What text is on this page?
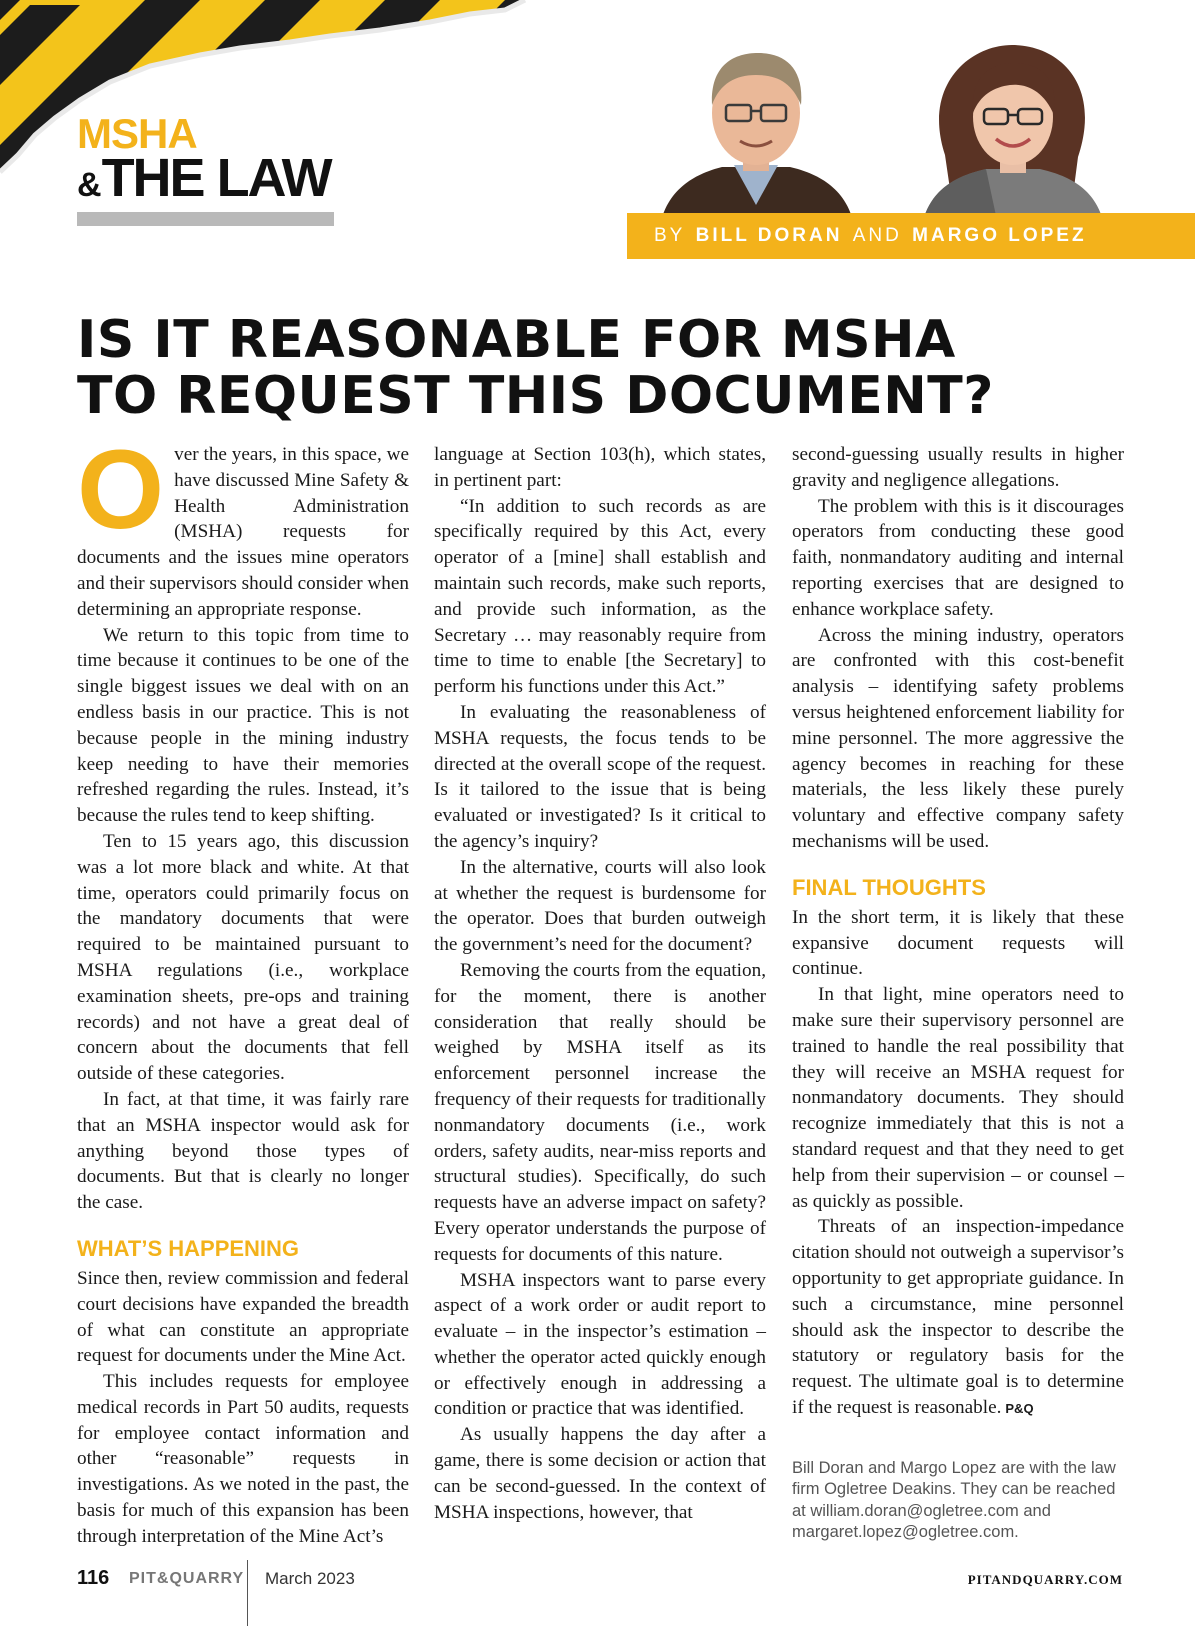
MSHA
&THE LAW
BY
BILL DORAN
AND
MARGO LOPEZ
IS IT REASONABLE FOR MSHA
TO REQUEST THIS DOCUMENT?

Over the years, in this space, we have discussed Mine Safety & Health Administration (MSHA) requests for documents and the issues mine operators and their supervisors should consider when determining an appropriate response.

We return to this topic from time to time because it continues to be one of the single biggest issues we deal with on an endless basis in our practice. This is not because people in the mining industry keep needing to have their memories refreshed regarding the rules. Instead, it’s because the rules tend to keep shifting.

Ten to 15 years ago, this discussion was a lot more black and white. At that time, operators could primarily focus on the mandatory documents that were required to be maintained pursuant to MSHA regulations (i.e., workplace examination sheets, pre-ops and training records) and not have a great deal of concern about the documents that fell outside of these categories.

In fact, at that time, it was fairly rare that an MSHA inspector would ask for anything beyond those types of documents. But that is clearly no longer the case.

WHAT’S HAPPENING

Since then, review commission and federal court decisions have expanded the breadth of what can constitute an appropriate request for documents under the Mine Act.

This includes requests for employee medical records in Part 50 audits, requests for employee contact information and other “reasonable” requests in investigations. As we noted in the past, the basis for much of this expansion has been through interpretation of the Mine Act’s

language at Section 103(h), which states, in pertinent part:

“In addition to such records as are specifically required by this Act, every operator of a [mine] shall establish and maintain such records, make such reports, and provide such information, as the Secretary … may reasonably require from time to time to enable [the Secretary] to perform his functions under this Act.”

In evaluating the reasonableness of MSHA requests, the focus tends to be directed at the overall scope of the request. Is it tailored to the issue that is being evaluated or investigated? Is it critical to the agency’s inquiry?

In the alternative, courts will also look at whether the request is burdensome for the operator. Does that burden outweigh the government’s need for the document?

Removing the courts from the equation, for the moment, there is another consideration that really should be weighed by MSHA itself as its enforcement personnel increase the frequency of their requests for traditionally nonmandatory documents (i.e., work orders, safety audits, near-miss reports and structural studies). Specifically, do such requests have an adverse impact on safety? Every operator understands the purpose of requests for documents of this nature.

MSHA inspectors want to parse every aspect of a work order or audit report to evaluate – in the inspector’s estimation – whether the operator acted quickly enough or effectively enough in addressing a condition or practice that was identified.

As usually happens the day after a game, there is some decision or action that can be second-guessed. In the context of MSHA inspections, however, that

second-guessing usually results in higher gravity and negligence allegations.

The problem with this is it discourages operators from conducting these good faith, nonmandatory auditing and internal reporting exercises that are designed to enhance workplace safety.

Across the mining industry, operators are confronted with this cost-benefit analysis – identifying safety problems versus heightened enforcement liability for mine personnel. The more aggressive the agency becomes in reaching for these materials, the less likely these purely voluntary and effective company safety mechanisms will be used.

FINAL THOUGHTS

In the short term, it is likely that these expansive document requests will continue.

In that light, mine operators need to make sure their supervisory personnel are trained to handle the real possibility that they will receive an MSHA request for nonmandatory documents. They should recognize immediately that this is not a standard request and that they need to get help from their supervision – or counsel – as quickly as possible.

Threats of an inspection-impedance citation should not outweigh a supervisor’s opportunity to get appropriate guidance. In such a circumstance, mine personnel should ask the inspector to describe the statutory or regulatory basis for the request. The ultimate goal is to determine if the request is reasonable. P&Q

Bill Doran and Margo Lopez are with the law firm Ogletree Deakins. They can be reached at william.doran@ogletree.com and margaret.lopez@ogletree.com.
116 PIT&QUARRY March 2023	PITANDQUARRY.COM
